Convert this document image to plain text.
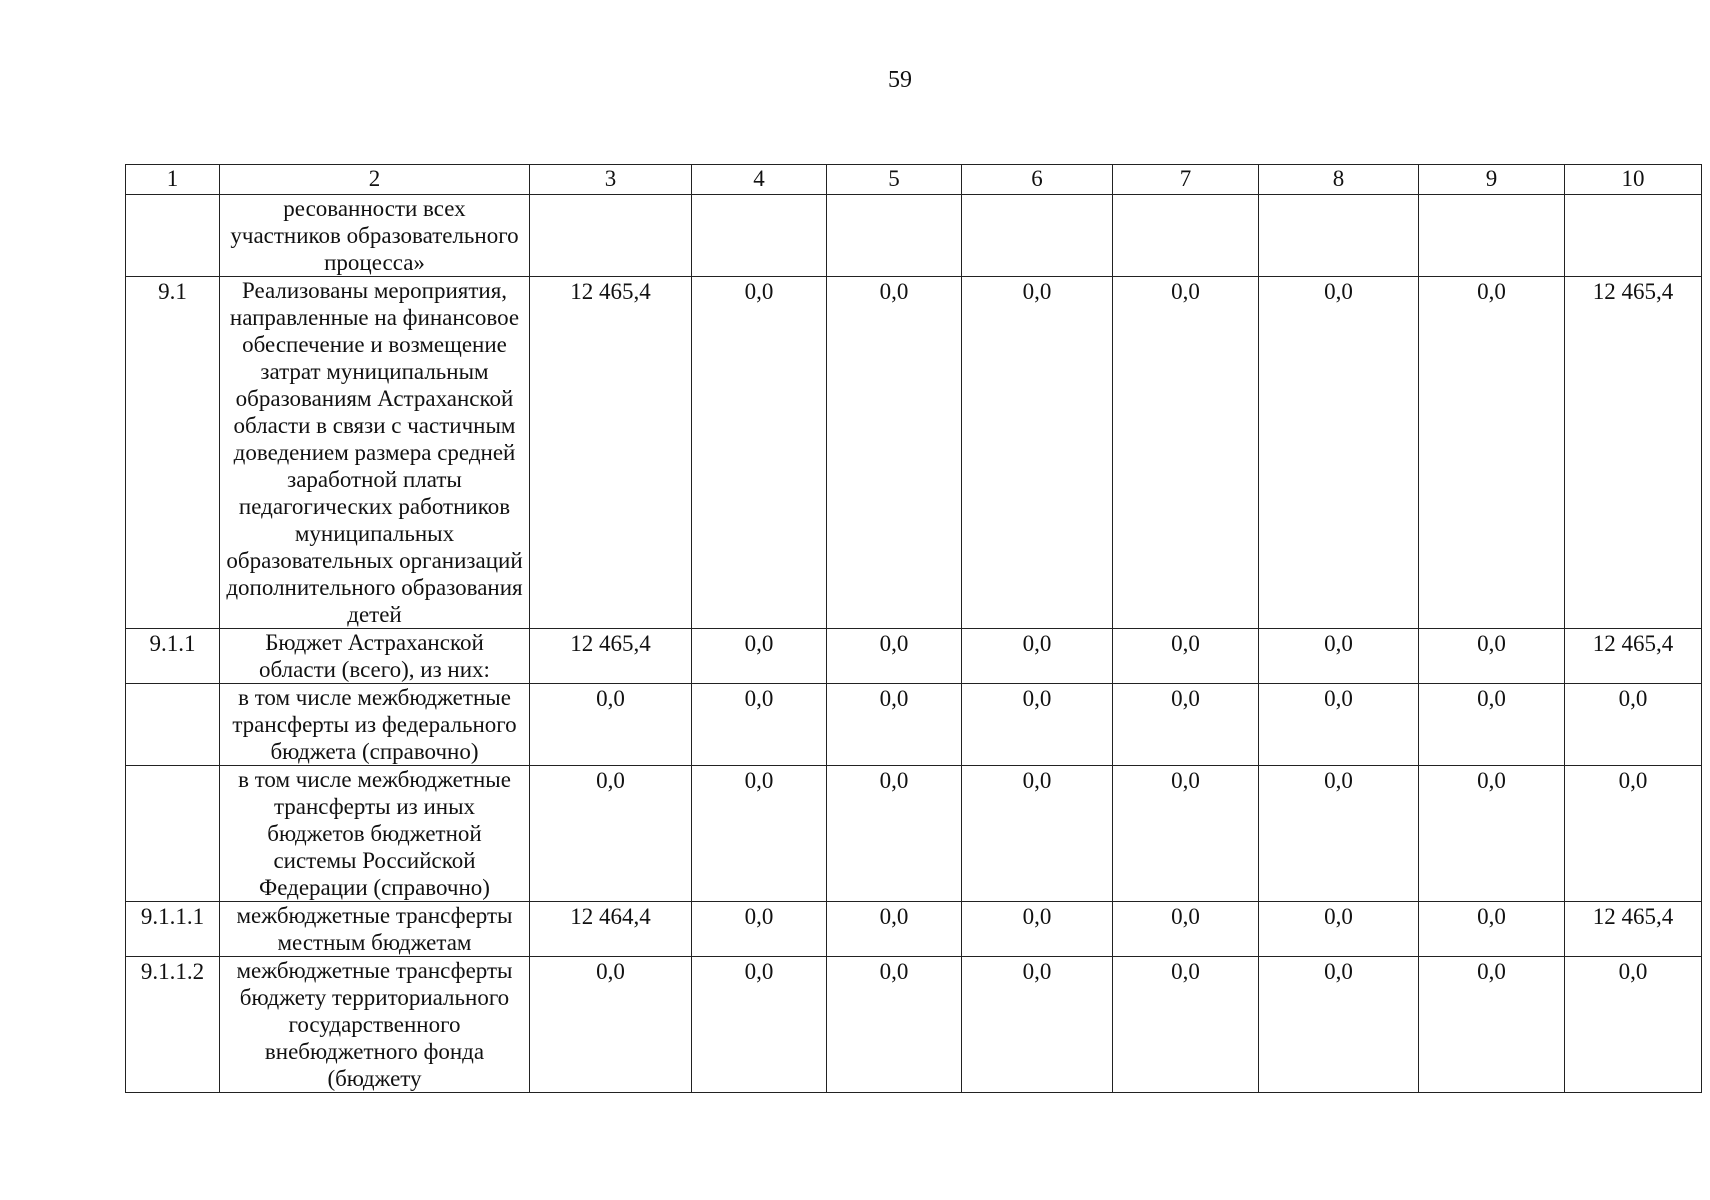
59
1	2	3	4	5	6	7	8	9	10
	ресованности всех участников образовательного процесса»								
9.1	Реализованы мероприятия, направленные на финансовое обеспечение и возмещение затрат муниципальным образованиям Астраханской области в связи с частичным доведением размера средней заработной платы педагогических работников муниципальных образовательных организаций дополнительного образования детей	12 465,4	0,0	0,0	0,0	0,0	0,0	0,0	12 465,4
9.1.1	Бюджет Астраханской области (всего), из них:	12 465,4	0,0	0,0	0,0	0,0	0,0	0,0	12 465,4
	в том числе межбюджетные трансферты из федерального бюджета (справочно)	0,0	0,0	0,0	0,0	0,0	0,0	0,0	0,0
	в том числе межбюджетные трансферты из иных бюджетов бюджетной системы Российской Федерации (справочно)	0,0	0,0	0,0	0,0	0,0	0,0	0,0	0,0
9.1.1.1	межбюджетные трансферты местным бюджетам	12 464,4	0,0	0,0	0,0	0,0	0,0	0,0	12 465,4
9.1.1.2	межбюджетные трансферты бюджету территориального государственного внебюджетного фонда (бюджету	0,0	0,0	0,0	0,0	0,0	0,0	0,0	0,0
